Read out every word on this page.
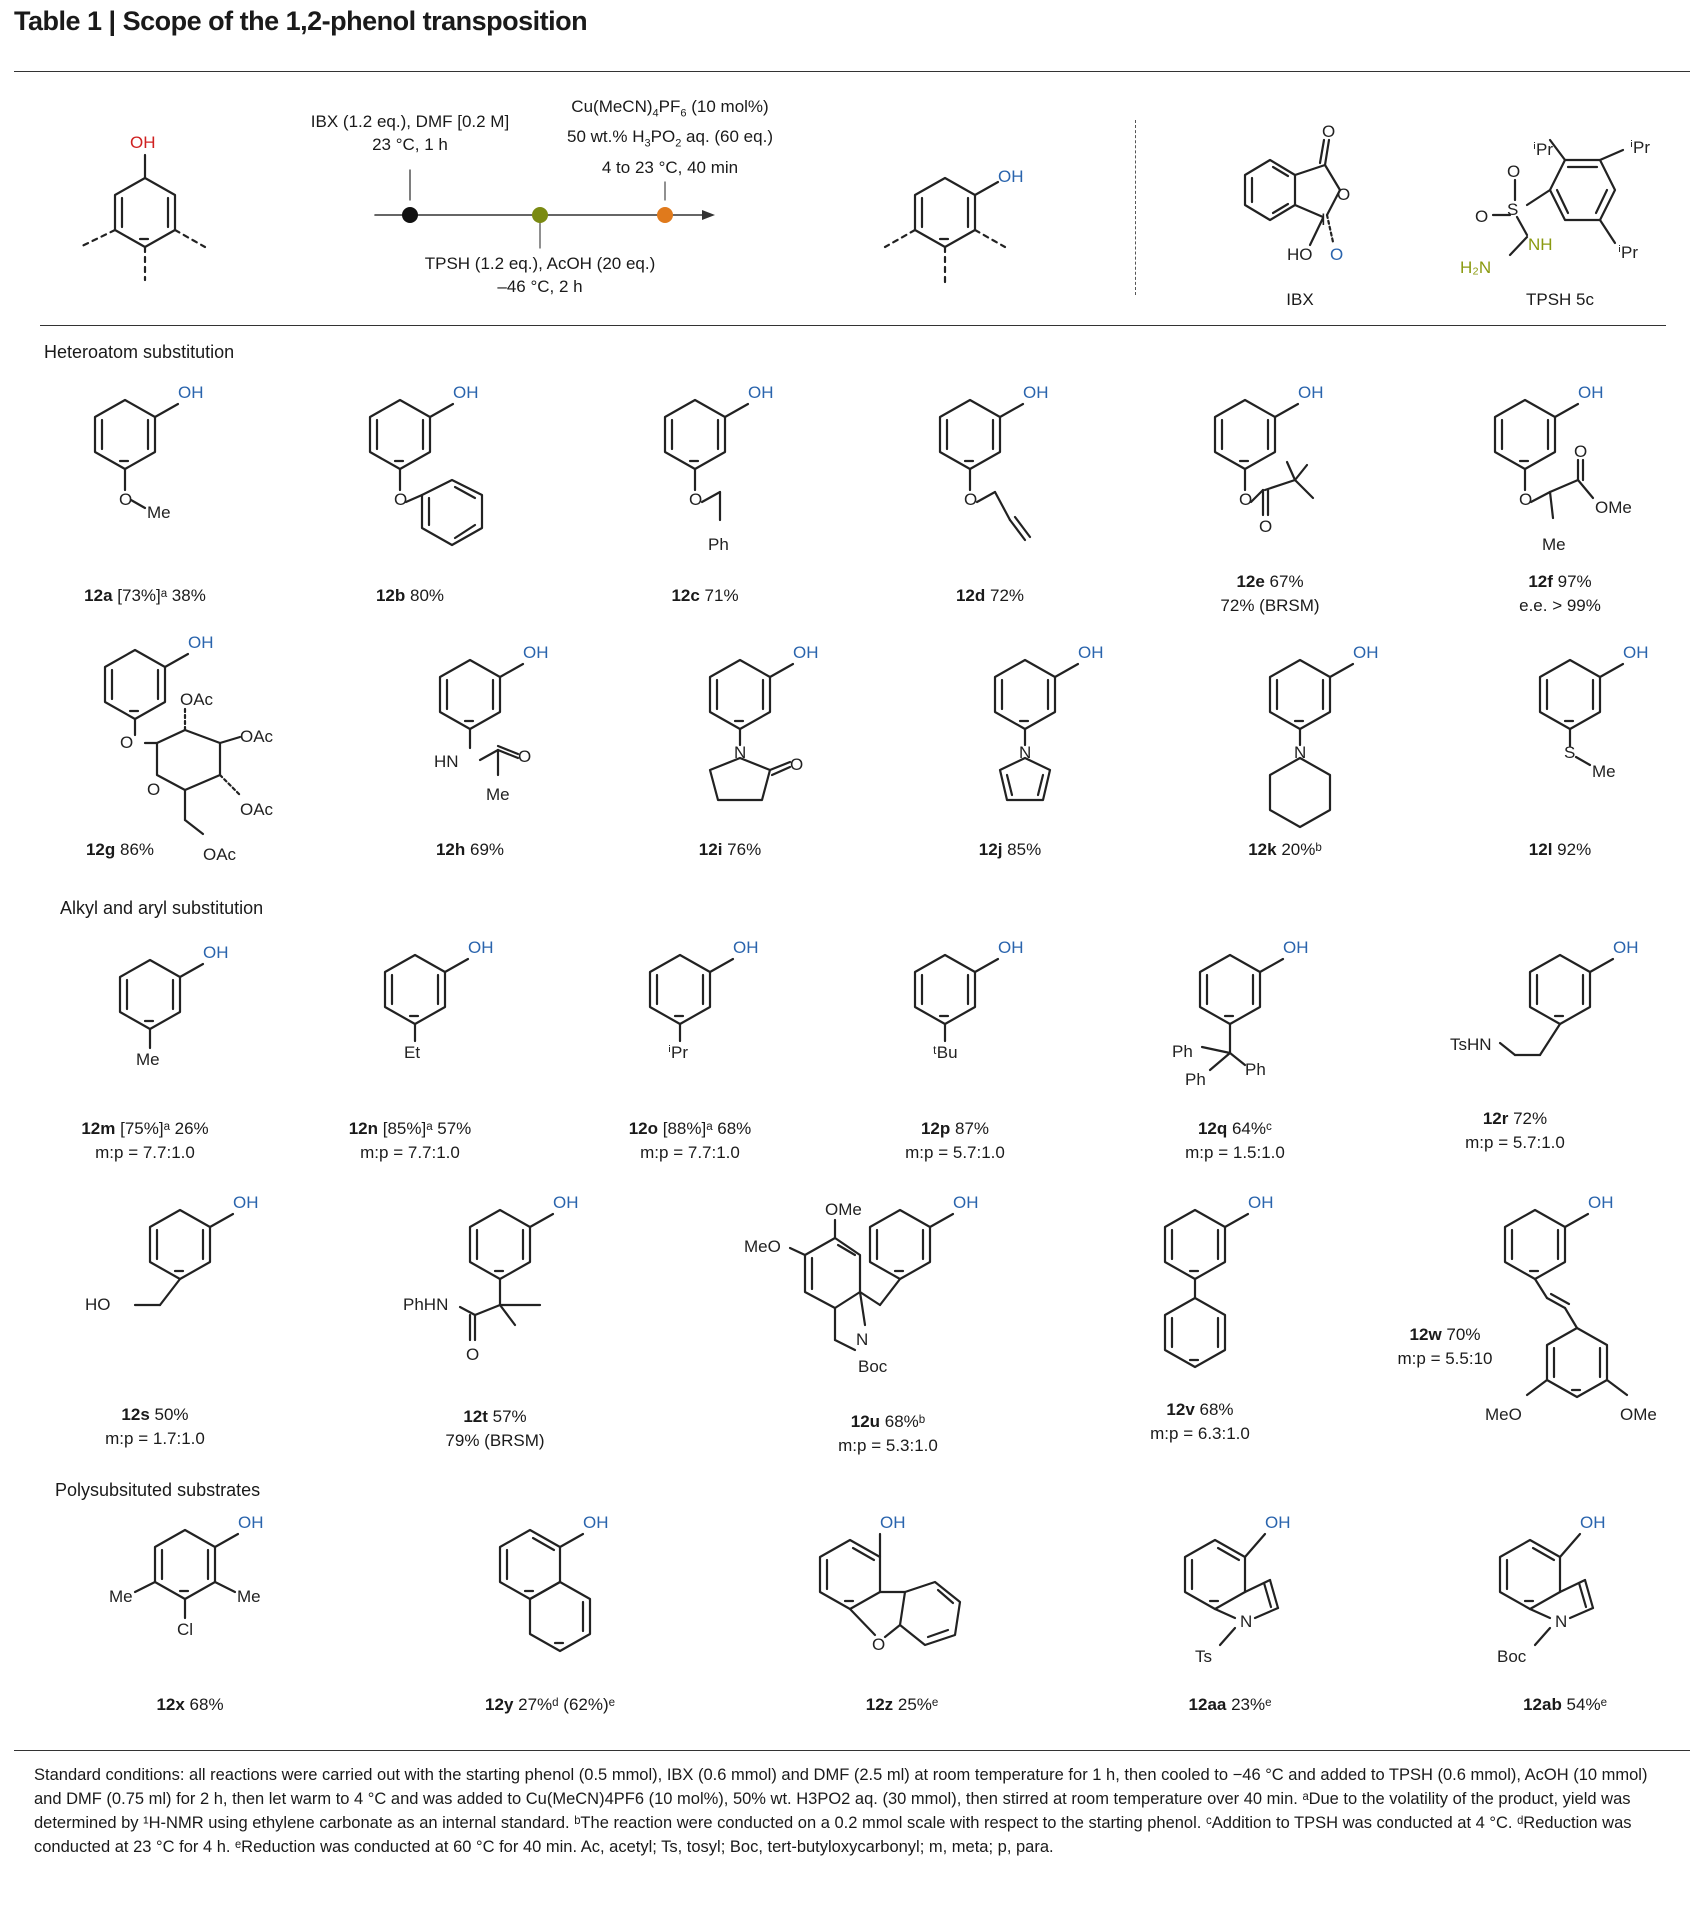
Table 1 | Scope of the 1,2-phenol transposition
OH
IBX (1.2 eq.), DMF [0.2 M]
23 °C, 1 h
$Cu(MeCN)_4PF_6$ (10 mol%)
50 wt.% $H_3PO_2$ aq. (60 eq.)
4 to 23 °C, 40 min
TPSH (1.2 eq.), AcOH (20 eq.)
–46 °C, 2 h
OH
O
O
I
HO O
IBX
S
O
O
NH
H₂N
ⁱPr	ⁱPr
ⁱPr
TPSH 5c
Heteroatom substitution
Alkyl and aryl substitution
Polysubsituted substrates
OH
O
Me
OH
O
OH
O
Ph
OH
O
OH
O
O
OH
O
O
OMe
Me
OH
O
OAc
OAc
OAc
O
OAc
OH
HN	O
Me
OH
N
O
OH
N
OH
N
OH
S
Me
OH
Me
OH
Et
OH
ⁱPr
OH
ᵗBu
OH
Ph
Ph
Ph
OH
TsHN
OH
HO
OH
PhHN
O
OH
OMe
MeO
N
Boc
OH	OH
MeO	OMe
OH
Me	Me
Cl
OH	OH
O
OH
N
Ts
OH
N
Boc
12a [73%]ᵃ 38%	12b 80%	12c 71%	12d 72%
12e 67%
72% (BRSM)
12f 97%
e.e. > 99%
12g 86%	12h 69%	12i 76%	12j 85%	12k 20%ᵇ	12l 92%
12m [75%]ᵃ 26%
m:p = 7.7:1.0
12n [85%]ᵃ 57%
m:p = 7.7:1.0
12o [88%]ᵃ 68%
m:p = 7.7:1.0
12p 87%
m:p = 5.7:1.0
12q 64%ᶜ
m:p = 1.5:1.0
12r 72%
m:p = 5.7:1.0
12s 50%
m:p = 1.7:1.0
12t 57%
79% (BRSM)
12u 68%ᵇ
m:p = 5.3:1.0
12v 68%
m:p = 6.3:1.0
12w 70%
m:p = 5.5:10
12x 68%	12y 27%ᵈ (62%)ᵉ	12z 25%ᵉ	12aa 23%ᵉ	12ab 54%ᵉ
Standard conditions: all reactions were carried out with the starting phenol (0.5 mmol), IBX (0.6 mmol) and DMF (2.5 ml) at room temperature for 1 h, then cooled to −46 °C and added to TPSH (0.6 mmol), AcOH (10 mmol) and DMF (0.75 ml) for 2 h, then let warm to 4 °C and was added to Cu(MeCN)4PF6 (10 mol%), 50% wt. H3PO2 aq. (30 mmol), then stirred at room temperature over 40 min. ᵃDue to the volatility of the product, yield was determined by ¹H-NMR using ethylene carbonate as an internal standard. ᵇThe reaction were conducted on a 0.2 mmol scale with respect to the starting phenol. ᶜAddition to TPSH was conducted at 4 °C. ᵈReduction was conducted at 23 °C for 4 h. ᵉReduction was conducted at 60 °C for 40 min. Ac, acetyl; Ts, tosyl; Boc, tert-butyloxycarbonyl; m, meta; p, para.
